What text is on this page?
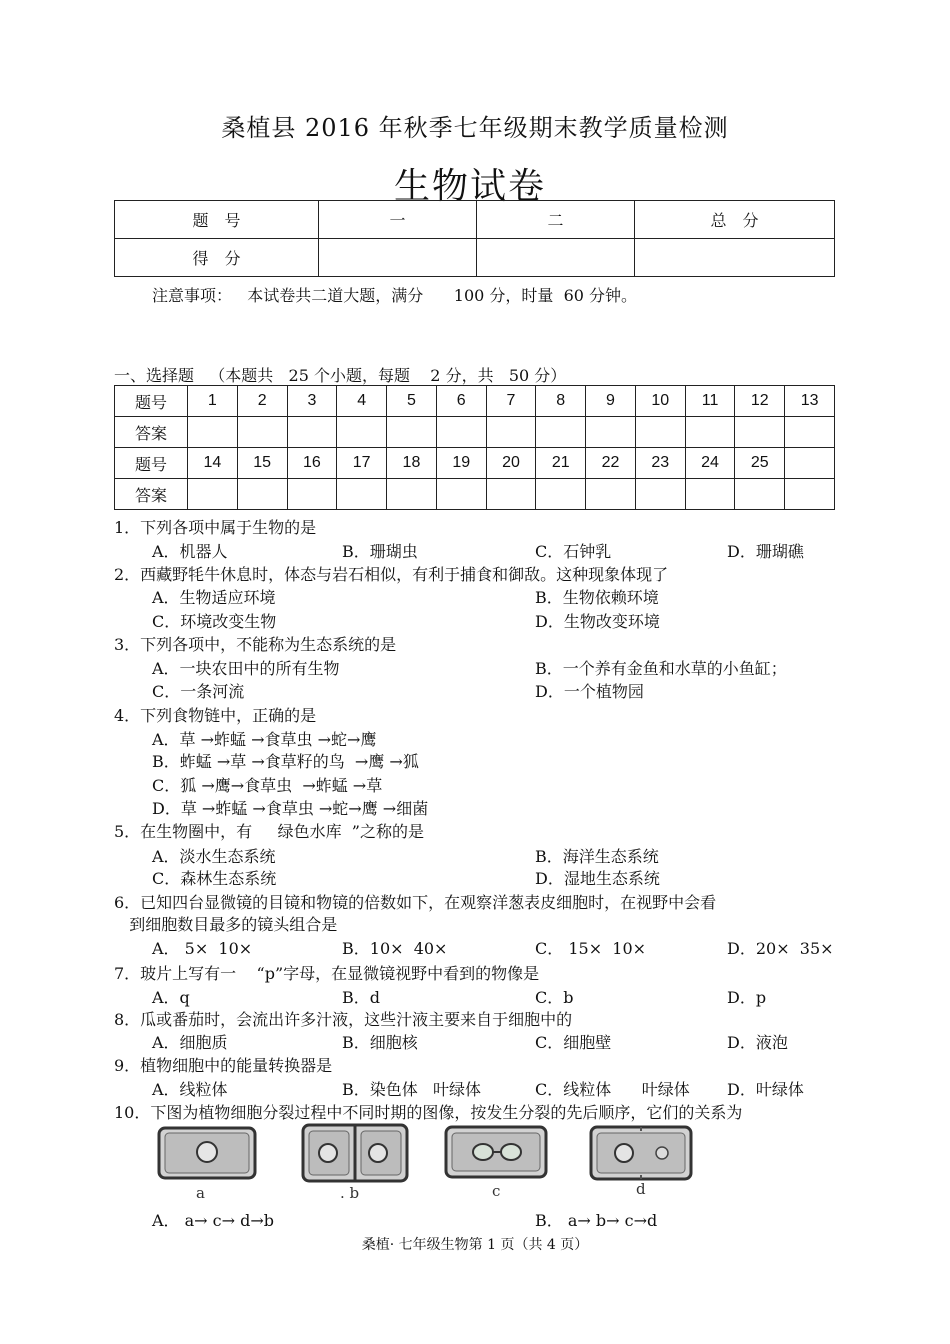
桑植县 2016 年秋季七年级期末教学质量检测
生物试卷
题　号	一	二	总　分
得　分			
注意事项：   本试卷共二道大题，满分      100 分，时量  60 分钟。
一、选择题   （本题共   25 个小题，每题    2 分，共   50 分）
题号	1	2	3	4	5	6	7	8	9	10	11	12	13
答案													
题号	14	15	16	17	18	19	20	21	22	23	24	25	
答案													
1．下列各项中属于生物的是
A．机器人	B．珊瑚虫	C．石钟乳	D．珊瑚礁
2．西藏野牦牛休息时，体态与岩石相似，有利于捕食和御敌。这种现象体现了
A．生物适应环境	B．生物依赖环境
C．环境改变生物	D．生物改变环境
3．下列各项中，不能称为生态系统的是
A．一块农田中的所有生物	B．一个养有金鱼和水草的小鱼缸；
C．一条河流	D．一个植物园
4．下列食物链中，正确的是
A．草 →蚱蜢 →食草虫 →蛇→鹰
B．蚱蜢 →草 →食草籽的鸟  →鹰 →狐
C．狐 →鹰→食草虫  →蚱蜢 →草
D．草 →蚱蜢 →食草虫 →蛇→鹰 →细菌
5．在生物圈中，有     绿色水库  ”之称的是
A．淡水生态系统	B．海洋生态系统
C．森林生态系统	D．湿地生态系统
6．已知四台显微镜的目镜和物镜的倍数如下，在观察洋葱表皮细胞时，在视野中会看
到细胞数目最多的镜头组合是
A． 5×  10×	B．10×  40×	C． 15×  10×	D．20×  35×
7．玻片上写有一    “p”字母，在显微镜视野中看到的物像是
A．q	B．d	C．b	D．p
8．瓜或番茄时，会流出许多汁液，这些汁液主要来自于细胞中的
A．细胞质	B．细胞核	C．细胞壁	D．液泡
9．植物细胞中的能量转换器是
A．线粒体	B．染色体   叶绿体	C．线粒体      叶绿体 D．叶绿体
10．下图为植物细胞分裂过程中不同时期的图像，按发生分裂的先后顺序，它们的关系为
a	. b	c	d
A． a→ c→ d→b	B． a→ b→ c→d
桑植· 七年级生物第 1 页（共 4 页）
